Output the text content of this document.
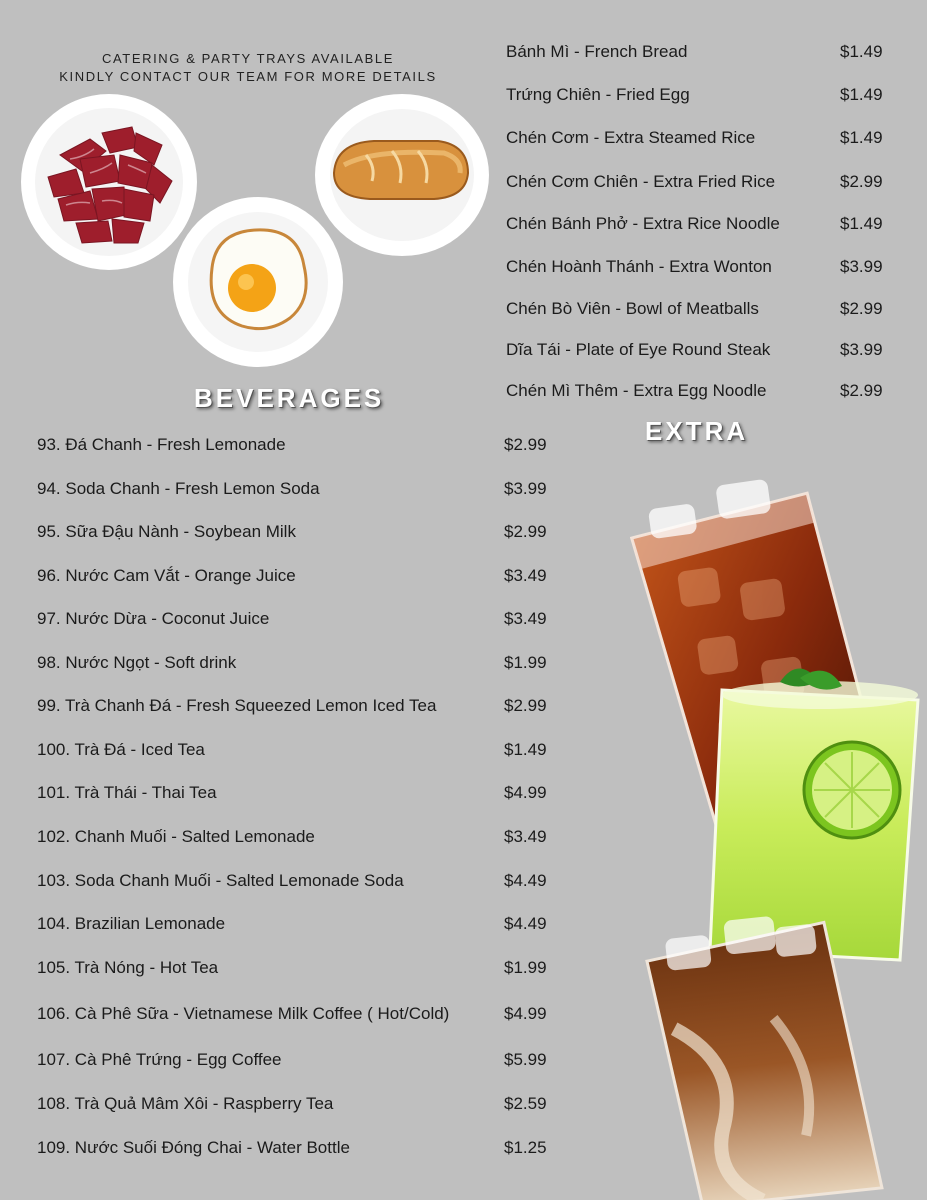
CATERING & PARTY TRAYS AVAILABLE
KINDLY CONTACT OUR TEAM FOR MORE DETAILS
BEVERAGES
EXTRA
Bánh Mì - French Bread	$1.49
Trứng Chiên - Fried Egg	$1.49
Chén Cơm - Extra Steamed Rice	$1.49
Chén Cơm Chiên - Extra Fried Rice	$2.99
Chén Bánh Phở - Extra Rice Noodle	$1.49
Chén Hoành Thánh - Extra Wonton	$3.99
Chén Bò Viên - Bowl of Meatballs	$2.99
Dĩa Tái - Plate of Eye Round Steak	$3.99
Chén Mì Thêm - Extra Egg Noodle	$2.99
93. Đá Chanh - Fresh Lemonade	$2.99
94. Soda Chanh - Fresh Lemon Soda	$3.99
95. Sữa Đậu Nành - Soybean Milk	$2.99
96. Nước Cam Vắt - Orange Juice	$3.49
97. Nước Dừa - Coconut Juice	$3.49
98. Nước Ngọt - Soft drink	$1.99
99. Trà Chanh Đá - Fresh Squeezed Lemon Iced Tea	$2.99
100. Trà Đá - Iced Tea	$1.49
101. Trà Thái - Thai Tea	$4.99
102. Chanh Muối - Salted Lemonade	$3.49
103. Soda Chanh Muối - Salted Lemonade Soda	$4.49
104. Brazilian Lemonade	$4.49
105. Trà Nóng - Hot Tea	$1.99
106. Cà Phê Sữa - Vietnamese Milk Coffee ( Hot/Cold)	$4.99
107. Cà Phê Trứng - Egg Coffee	$5.99
108. Trà Quả Mâm Xôi - Raspberry Tea	$2.59
109. Nước Suối Đóng Chai - Water Bottle	$1.25
